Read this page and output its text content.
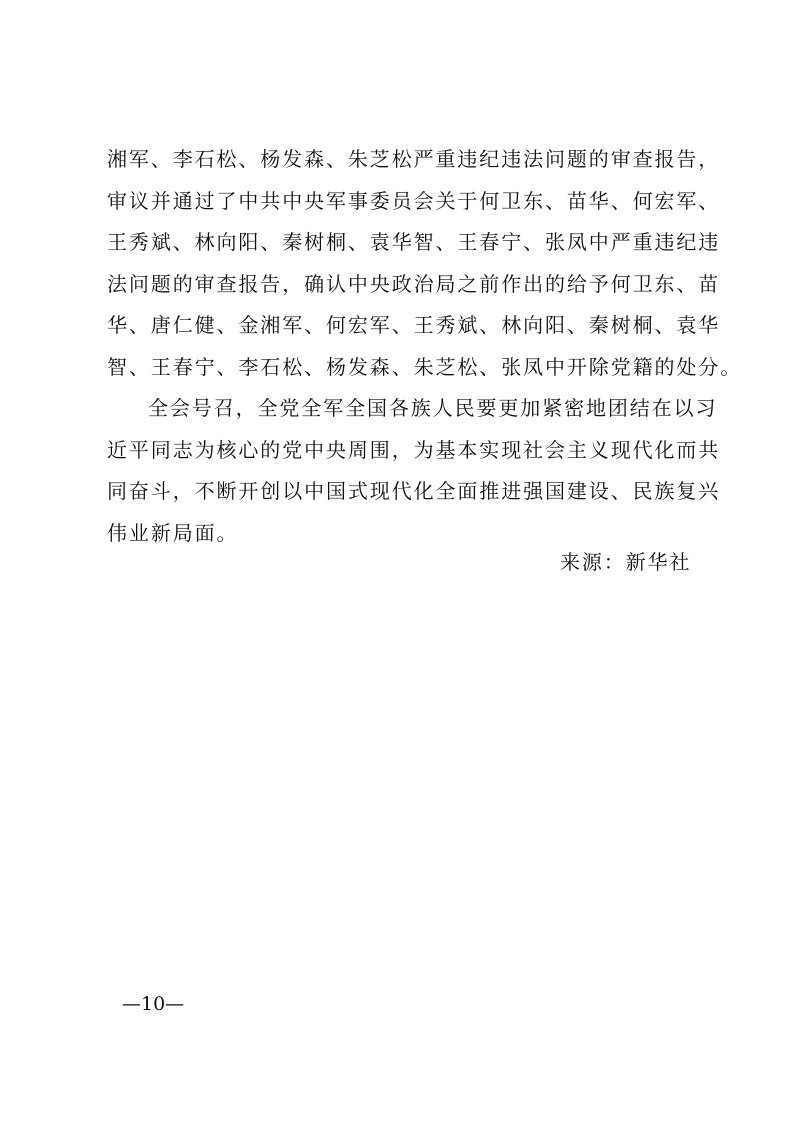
湘军、李石松、杨发森、朱芝松严重违纪违法问题的审查报告，
审议并通过了中共中央军事委员会关于何卫东、苗华、何宏军、
王秀斌、林向阳、秦树桐、袁华智、王春宁、张凤中严重违纪违
法问题的审查报告，确认中央政治局之前作出的给予何卫东、苗
华、唐仁健、金湘军、何宏军、王秀斌、林向阳、秦树桐、袁华
智、王春宁、李石松、杨发森、朱芝松、张凤中开除党籍的处分。
全会号召，全党全军全国各族人民要更加紧密地团结在以习
近平同志为核心的党中央周围，为基本实现社会主义现代化而共
同奋斗，不断开创以中国式现代化全面推进强国建设、民族复兴
伟业新局面。
来源：新华社
—10—
